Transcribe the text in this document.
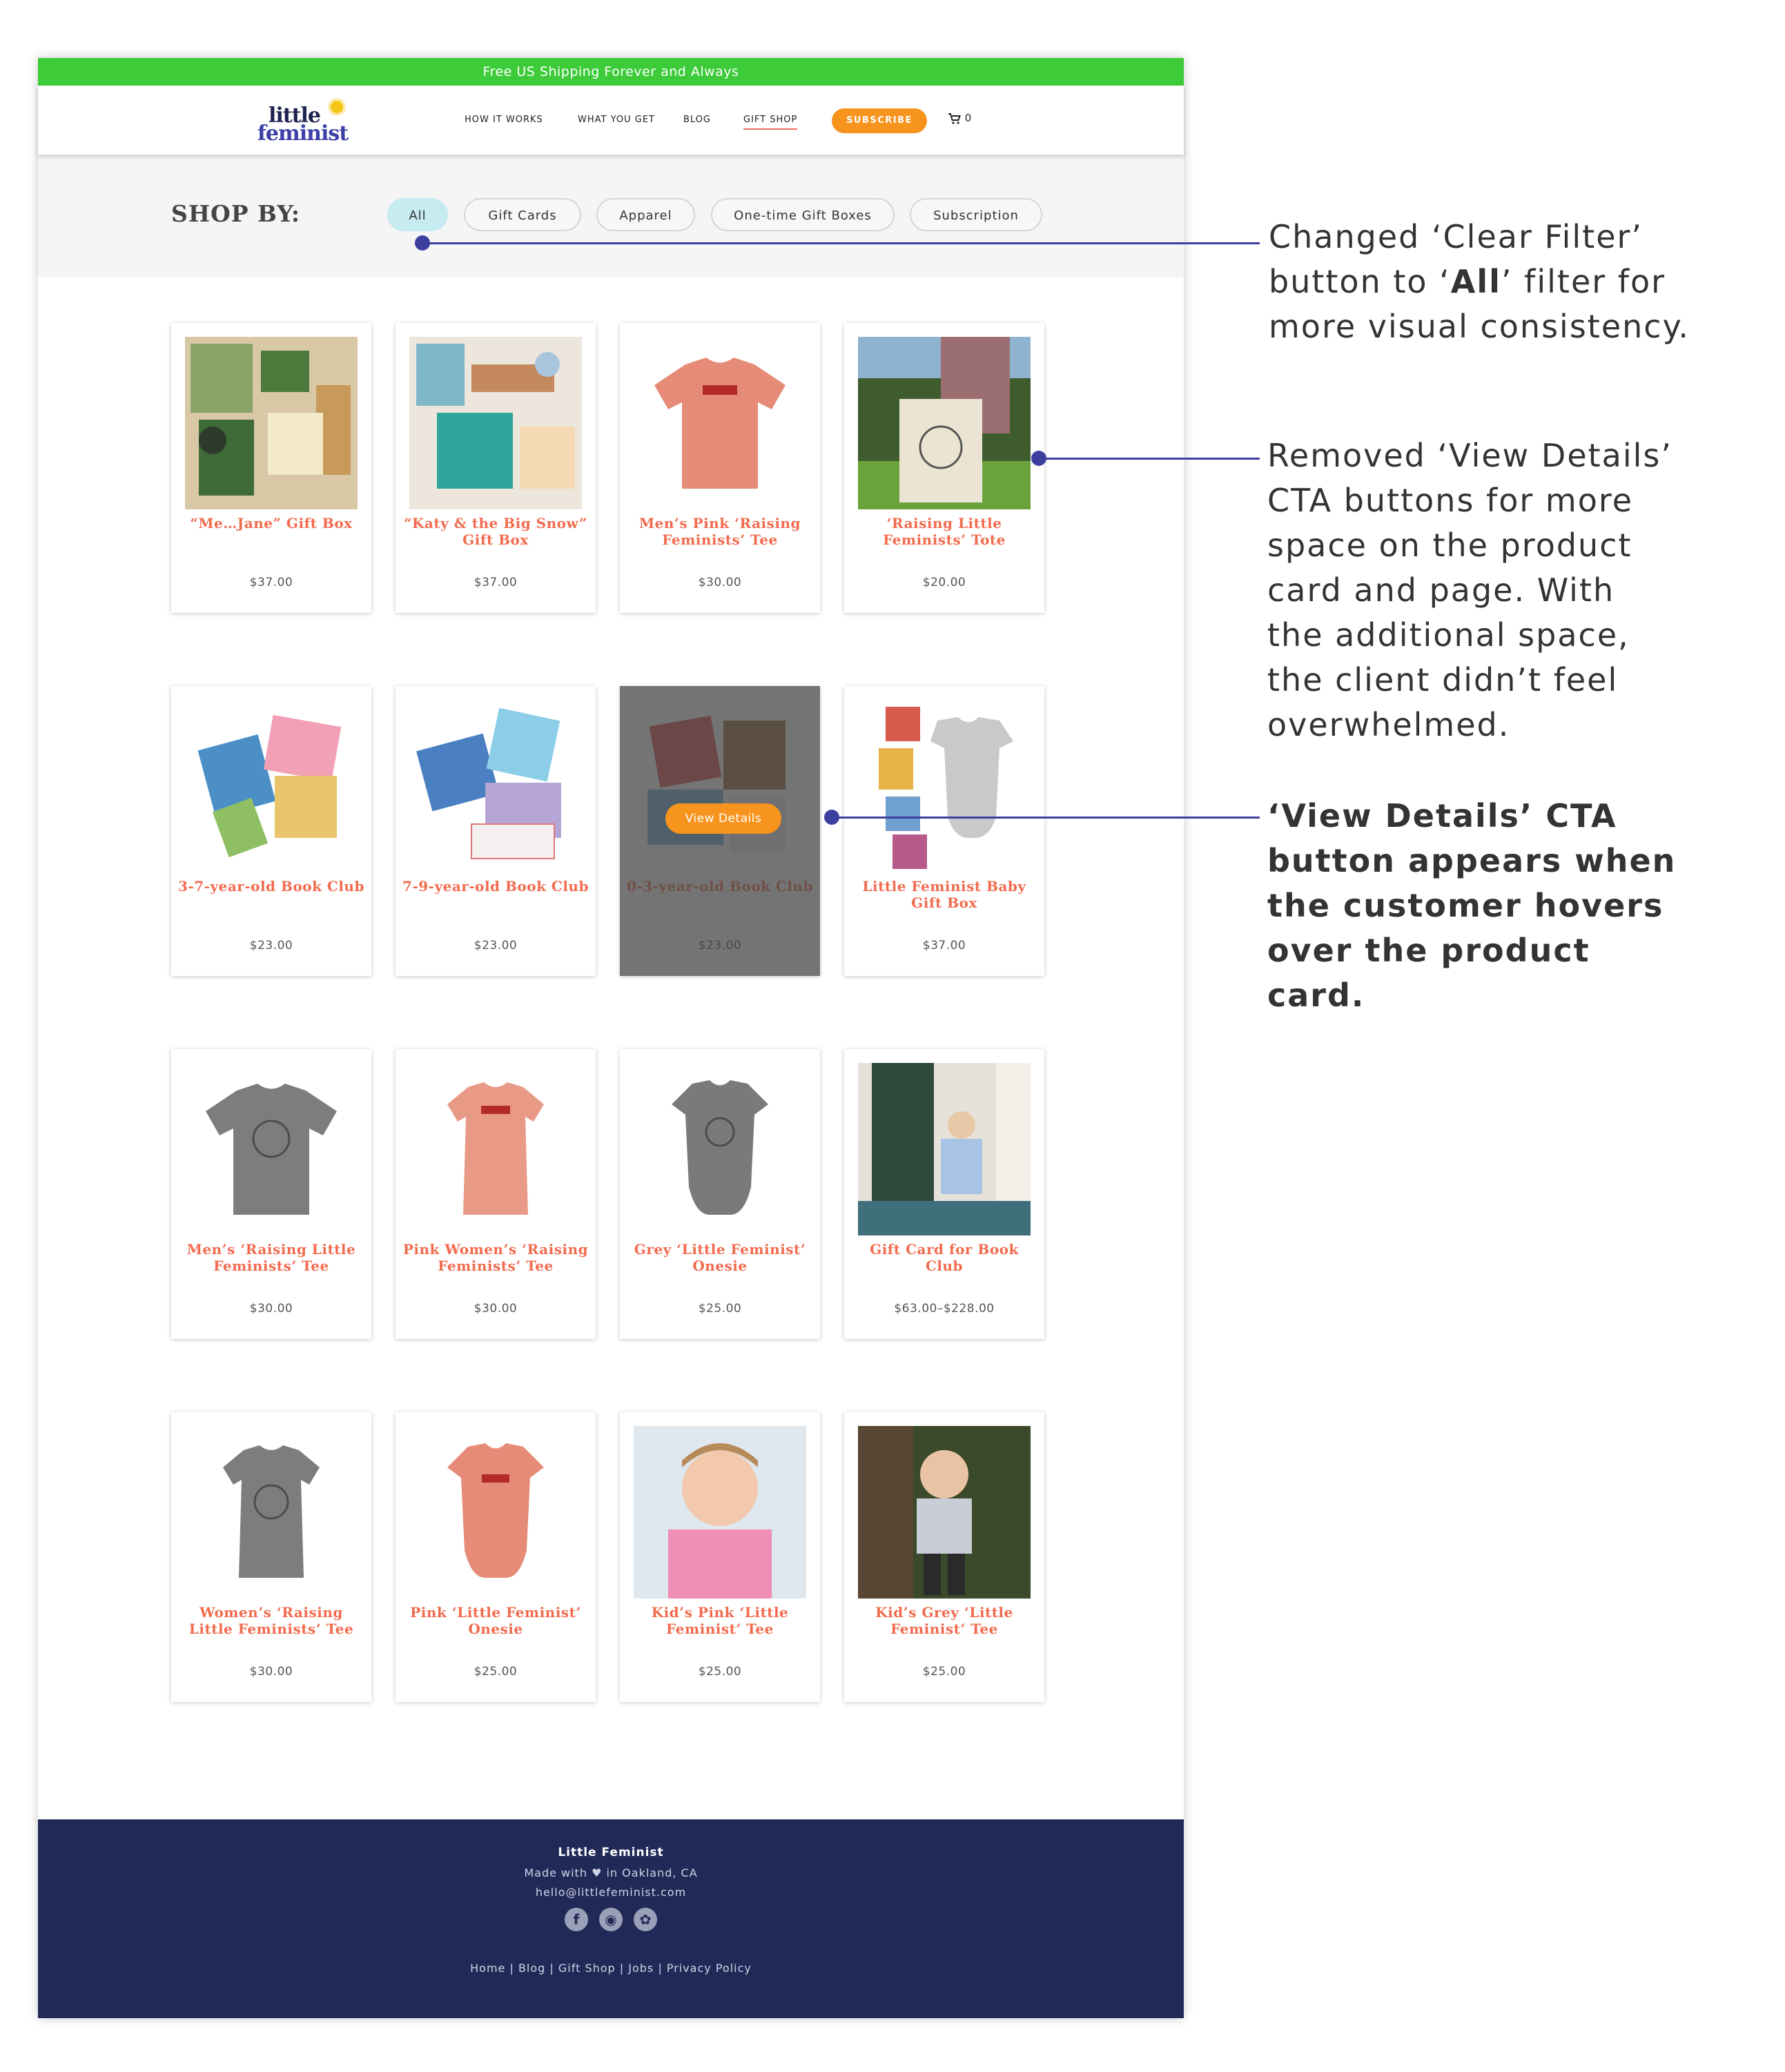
Free US Shipping Forever and Always
little
feminist
HOW IT WORKS	WHAT YOU GET	BLOG	GIFT SHOP	SUBSCRIBE	0
SHOP BY:	All	Gift Cards	Apparel	One-time Gift Boxes	Subscription
“Me…Jane” Gift Box
$37.00
“Katy & the Big Snow” Gift Box
$37.00
Men’s Pink ‘Raising Feminists’ Tee
$30.00
‘Raising Little Feminists’ Tote
$20.00
3-7-year-old Book Club
$23.00
7-9-year-old Book Club
$23.00
View Details
Little Feminist Baby Gift Box
$37.00
Men’s ‘Raising Little Feminists’ Tee
$30.00
Pink Women’s ‘Raising Feminists’ Tee
$30.00
Grey ‘Little Feminist’ Onesie
$25.00
Gift Card for Book Club
$63.00–$228.00
Women’s ‘Raising Little Feminists’ Tee
$30.00
Pink ‘Little Feminist’ Onesie
$25.00
Kid’s Pink ‘Little Feminist’ Tee
$25.00
Kid’s Grey ‘Little Feminist’ Tee
$25.00
Little Feminist
Made with ♥ in Oakland, CA
hello@littlefeminist.com
f ◉ ✿
Home | Blog | Gift Shop | Jobs | Privacy Policy
Changed ‘Clear Filter’
button to ‘All’ filter for
more visual consistency.
Removed ‘View Details’
CTA buttons for more
space on the product
card and page. With
the additional space,
the client didn’t feel
overwhelmed.
‘View Details’ CTA
button appears when
the customer hovers
over the product
card.
